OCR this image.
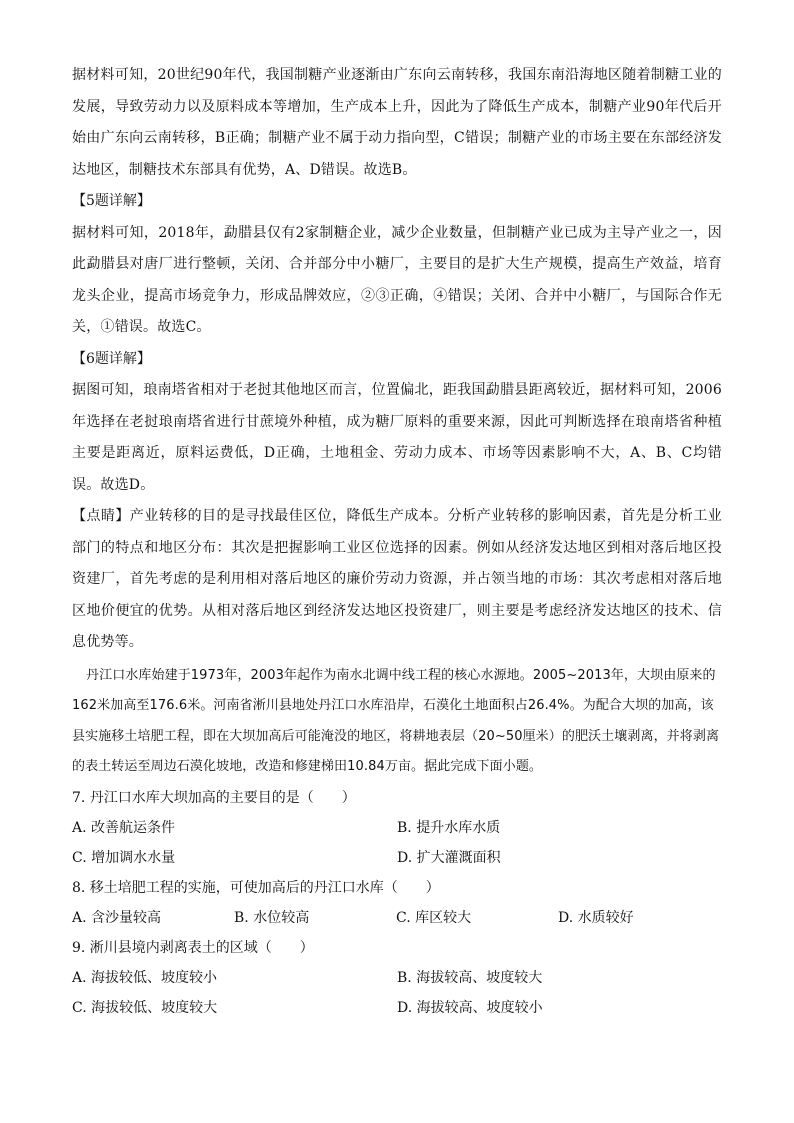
据材料可知，20世纪90年代，我国制糖产业逐渐由广东向云南转移，我国东南沿海地区随着制糖工业的发展，导致劳动力以及原料成本等增加，生产成本上升，因此为了降低生产成本，制糖产业90年代后开始由广东向云南转移，B正确；制糖产业不属于动力指向型，C错误；制糖产业的市场主要在东部经济发达地区，制糖技术东部具有优势，A、D错误。故选B。

【5题详解】

据材料可知，2018年，勐腊县仅有2家制糖企业，减少企业数量，但制糖产业已成为主导产业之一，因此勐腊县对唐厂进行整顿，关闭、合并部分中小糖厂，主要目的是扩大生产规模，提高生产效益，培育龙头企业，提高市场竞争力，形成品牌效应，②③正确，④错误；关闭、合并中小糖厂，与国际合作无关，①错误。故选C。

【6题详解】

据图可知，琅南塔省相对于老挝其他地区而言，位置偏北，距我国勐腊县距离较近，据材料可知，2006年选择在老挝琅南塔省进行甘蔗境外种植，成为糖厂原料的重要来源，因此可判断选择在琅南塔省种植主要是距离近，原料运费低，D正确，土地租金、劳动力成本、市场等因素影响不大，A、B、C均错误。故选D。

【点睛】产业转移的目的是寻找最佳区位，降低生产成本。分析产业转移的影响因素，首先是分析工业部门的特点和地区分布：其次是把握影响工业区位选择的因素。例如从经济发达地区到相对落后地区投资建厂，首先考虑的是利用相对落后地区的廉价劳动力资源，并占领当地的市场：其次考虑相对落后地区地价便宜的优势。从相对落后地区到经济发达地区投资建厂，则主要是考虑经济发达地区的技术、信息优势等。

丹江口水库始建于1973年，2003年起作为南水北调中线工程的核心水源地。2005~2013年，大坝由原来的162米加高至176.6米。河南省淅川县地处丹江口水库沿岸，石漠化土地面积占26.4%。为配合大坝的加高，该县实施移土培肥工程，即在大坝加高后可能淹没的地区，将耕地表层（20~50厘米）的肥沃土壤剥离，并将剥离的表土转运至周边石漠化坡地，改造和修建梯田10.84万亩。据此完成下面小题。

7. 丹江口水库大坝加高的主要目的是（　　）

A. 改善航运条件	B. 提升水库水质
C. 增加调水水量	D. 扩大灌溉面积

8. 移土培肥工程的实施，可使加高后的丹江口水库（　　）

A. 含沙量较高	B. 水位较高	C. 库区较大	D. 水质较好

9. 淅川县境内剥离表土的区域（　　）

A. 海拔较低、坡度较小	B. 海拔较高、坡度较大
C. 海拔较低、坡度较大	D. 海拔较高、坡度较小
